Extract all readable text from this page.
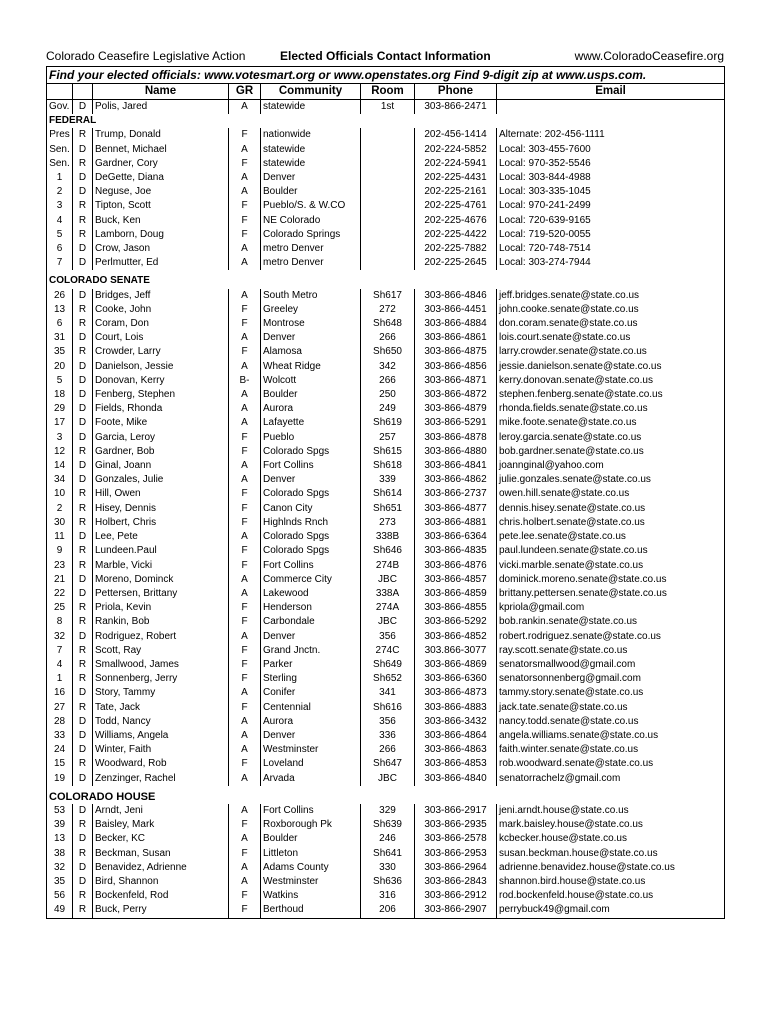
Colorado Ceasefire Legislative Action	Elected Officials Contact Information	www.ColoradoCeasefire.org
Find your elected officials: www.votesmart.org or www.openstates.org Find 9-digit zip at www.usps.com.							
		Name	GR	Community	Room	Phone	Email
Gov.	D	Polis, Jared	A	statewide	1st	303-866-2471	
FEDERAL							
Pres	R	Trump, Donald	F	nationwide		202-456-1414	Alternate: 202-456-1111
Sen.	D	Bennet, Michael	A	statewide		202-224-5852	Local: 303-455-7600
Sen.	R	Gardner, Cory	F	statewide		202-224-5941	Local: 970-352-5546
1	D	DeGette, Diana	A	Denver		202-225-4431	Local: 303-844-4988
2	D	Neguse, Joe	A	Boulder		202-225-2161	Local: 303-335-1045
3	R	Tipton, Scott	F	Pueblo/S. & W.CO		202-225-4761	Local: 970-241-2499
4	R	Buck, Ken	F	NE Colorado		202-225-4676	Local: 720-639-9165
5	R	Lamborn, Doug	F	Colorado Springs		202-225-4422	Local: 719-520-0055
6	D	Crow, Jason	A	metro Denver		202-225-7882	Local: 720-748-7514
7	D	Perlmutter, Ed	A	metro Denver		202-225-2645	Local: 303-274-7944

COLORADO SENATE							
26	D	Bridges, Jeff	A	South Metro	Sh617	303-866-4846	jeff.bridges.senate@state.co.us
13	R	Cooke, John	F	Greeley	272	303-866-4451	john.cooke.senate@state.co.us
6	R	Coram, Don	F	Montrose	Sh648	303-866-4884	don.coram.senate@state.co.us
31	D	Court, Lois	A	Denver	266	303-866-4861	lois.court.senate@state.co.us
35	R	Crowder, Larry	F	Alamosa	Sh650	303-866-4875	larry.crowder.senate@state.co.us
20	D	Danielson, Jessie	A	Wheat Ridge	342	303-866-4856	jessie.danielson.senate@state.co.us
5	D	Donovan, Kerry	B-	Wolcott	266	303-866-4871	kerry.donovan.senate@state.co.us
18	D	Fenberg, Stephen	A	Boulder	250	303-866-4872	stephen.fenberg.senate@state.co.us
29	D	Fields, Rhonda	A	Aurora	249	303-866-4879	rhonda.fields.senate@state.co.us
17	D	Foote, Mike	A	Lafayette	Sh619	303-866-5291	mike.foote.senate@state.co.us
3	D	Garcia, Leroy	F	Pueblo	257	303-866-4878	leroy.garcia.senate@state.co.us
12	R	Gardner, Bob	F	Colorado Spgs	Sh615	303-866-4880	bob.gardner.senate@state.co.us
14	D	Ginal, Joann	A	Fort Collins	Sh618	303-866-4841	joannginal@yahoo.com
34	D	Gonzales, Julie	A	Denver	339	303-866-4862	julie.gonzales.senate@state.co.us
10	R	Hill, Owen	F	Colorado Spgs	Sh614	303-866-2737	owen.hill.senate@state.co.us
2	R	Hisey, Dennis	F	Canon City	Sh651	303-866-4877	dennis.hisey.senate@state.co.us
30	R	Holbert, Chris	F	Highlnds Rnch	273	303-866-4881	chris.holbert.senate@state.co.us
11	D	Lee, Pete	A	Colorado Spgs	338B	303-866-6364	pete.lee.senate@state.co.us
9	R	Lundeen.Paul	F	Colorado Spgs	Sh646	303-866-4835	paul.lundeen.senate@state.co.us
23	R	Marble, Vicki	F	Fort Collins	274B	303-866-4876	vicki.marble.senate@state.co.us
21	D	Moreno, Dominck	A	Commerce City	JBC	303-866-4857	dominick.moreno.senate@state.co.us
22	D	Pettersen, Brittany	A	Lakewood	338A	303-866-4859	brittany.pettersen.senate@state.co.us
25	R	Priola, Kevin	F	Henderson	274A	303-866-4855	kpriola@gmail.com
8	R	Rankin, Bob	F	Carbondale	JBC	303-866-5292	bob.rankin.senate@state.co.us
32	D	Rodriguez, Robert	A	Denver	356	303-866-4852	robert.rodriguez.senate@state.co.us
7	R	Scott, Ray	F	Grand Jnctn.	274C	303.866-3077	ray.scott.senate@state.co.us
4	R	Smallwood, James	F	Parker	Sh649	303-866-4869	senatorsmallwood@gmail.com
1	R	Sonnenberg, Jerry	F	Sterling	Sh652	303-866-6360	senatorsonnenberg@gmail.com
16	D	Story, Tammy	A	Conifer	341	303-866-4873	tammy.story.senate@state.co.us
27	R	Tate, Jack	F	Centennial	Sh616	303-866-4883	jack.tate.senate@state.co.us
28	D	Todd, Nancy	A	Aurora	356	303-866-3432	nancy.todd.senate@state.co.us
33	D	Williams, Angela	A	Denver	336	303-866-4864	angela.williams.senate@state.co.us
24	D	Winter, Faith	A	Westminster	266	303-866-4863	faith.winter.senate@state.co.us
15	R	Woodward, Rob	F	Loveland	Sh647	303-866-4853	rob.woodward.senate@state.co.us
19	D	Zenzinger, Rachel	A	Arvada	JBC	303-866-4840	senatorrachelz@gmail.com

COLORADO HOUSE							
53	D	Arndt, Jeni	A	Fort Collins	329	303-866-2917	jeni.arndt.house@state.co.us
39	R	Baisley, Mark	F	Roxborough Pk	Sh639	303-866-2935	mark.baisley.house@state.co.us
13	D	Becker, KC	A	Boulder	246	303-866-2578	kcbecker.house@state.co.us
38	R	Beckman, Susan	F	Littleton	Sh641	303-866-2953	susan.beckman.house@state.co.us
32	D	Benavidez, Adrienne	A	Adams County	330	303-866-2964	adrienne.benavidez.house@state.co.us
35	D	Bird, Shannon	A	Westminster	Sh636	303-866-2843	shannon.bird.house@state.co.us
56	R	Bockenfeld, Rod	F	Watkins	316	303-866-2912	rod.bockenfeld.house@state.co.us
49	R	Buck, Perry	F	Berthoud	206	303-866-2907	perrybuck49@gmail.com
